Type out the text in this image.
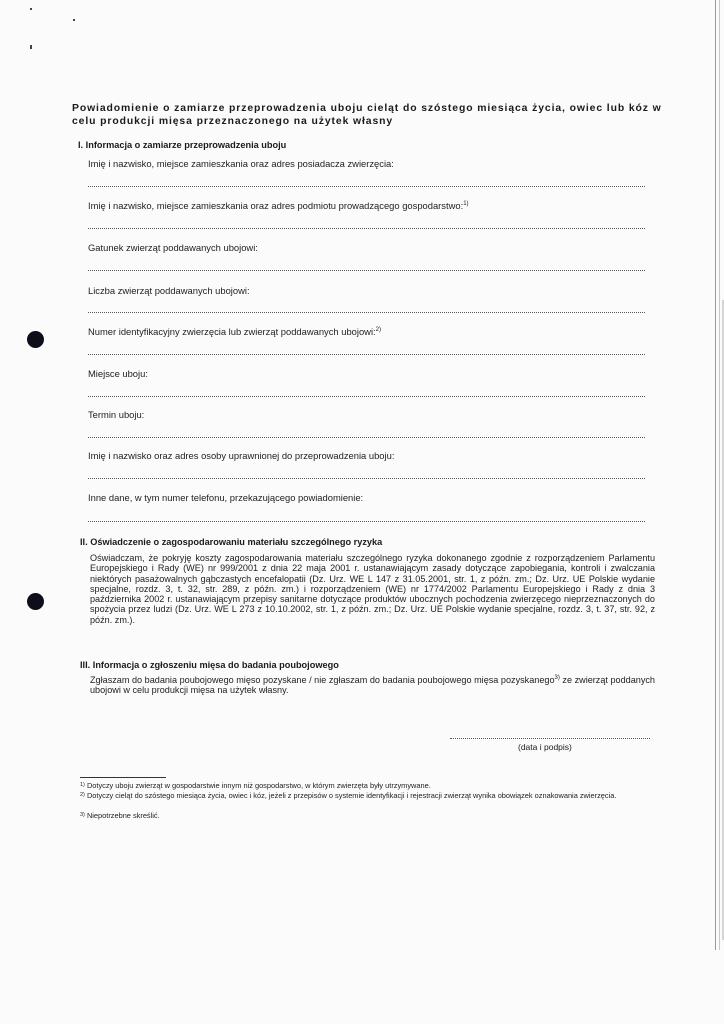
Powiadomienie o zamiarze przeprowadzenia uboju cieląt do szóstego miesiąca życia, owiec lub kóz w celu produkcji mięsa przeznaczonego na użytek własny

I. Informacja o zamiarze przeprowadzenia uboju

Imię i nazwisko, miejsce zamieszkania oraz adres posiadacza zwierzęcia:

Imię i nazwisko, miejsce zamieszkania oraz adres podmiotu prowadzącego gospodarstwo:$^{1)}$

Gatunek zwierząt poddawanych ubojowi:

Liczba zwierząt poddawanych ubojowi:

Numer identyfikacyjny zwierzęcia lub zwierząt poddawanych ubojowi:$^{2)}$

Miejsce uboju:

Termin uboju:

Imię i nazwisko oraz adres osoby uprawnionej do przeprowadzenia uboju:

Inne dane, w tym numer telefonu, przekazującego powiadomienie:

II. Oświadczenie o zagospodarowaniu materiału szczególnego ryzyka

Oświadczam, że pokryję koszty zagospodarowania materiału szczególnego ryzyka dokonanego zgodnie z rozporządzeniem Parlamentu Europejskiego i Rady (WE) nr 999/2001 z dnia 22 maja 2001 r. ustanawiającym zasady dotyczące zapobiegania, kontroli i zwalczania niektórych pasażowalnych gąbczastych encefalopatii (Dz. Urz. WE L 147 z 31.05.2001, str. 1, z późn. zm.; Dz. Urz. UE Polskie wydanie specjalne, rozdz. 3, t. 32, str. 289, z późn. zm.) i rozporządzeniem (WE) nr 1774/2002 Parlamentu Europejskiego i Rady z dnia 3 października 2002 r. ustanawiającym przepisy sanitarne dotyczące produktów ubocznych pochodzenia zwierzęcego nieprzeznaczonych do spożycia przez ludzi (Dz. Urz. WE L 273 z 10.10.2002, str. 1, z późn. zm.; Dz. Urz. UE Polskie wydanie specjalne, rozdz. 3, t. 37, str. 92, z późn. zm.).

III. Informacja o zgłoszeniu mięsa do badania poubojowego

Zgłaszam do badania poubojowego mięso pozyskane / nie zgłaszam do badania poubojowego mięsa pozyskanego$^{3)}$ ze zwierząt poddanych ubojowi w celu produkcji mięsa na użytek własny.

(data i podpis)

$^{1)}$ Dotyczy uboju zwierząt w gospodarstwie innym niż gospodarstwo, w którym zwierzęta były utrzymywane.

$^{2)}$ Dotyczy cieląt do szóstego miesiąca życia, owiec i kóz, jeżeli z przepisów o systemie identyfikacji i rejestracji zwierząt wynika obowiązek oznakowania zwierzęcia.

$^{3)}$ Niepotrzebne skreślić.
